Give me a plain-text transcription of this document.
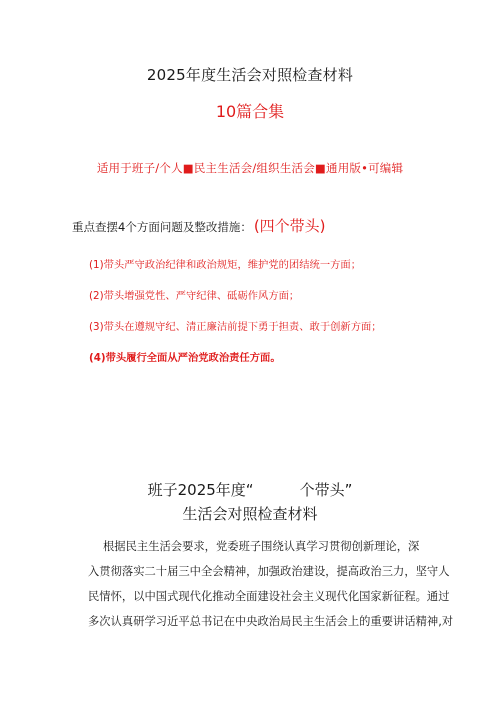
2025年度生活会对照检查材料
10篇合集
适用于班子/个人■民主生活会/组织生活会■通用版•可编辑
重点查摆4个方面问题及整改措施： (四个带头)
(1)带头严守政治纪律和政治规矩，维护党的团结统一方面；
(2)带头增强党性、严守纪律、砥砺作风方面；
(3)带头在遵规守纪、清正廉洁前提下勇于担责、敢于创新方面；
(4)带头履行全面从严治党政治责任方面。
班子2025年度“	个带头”
生活会对照检查材料
根据民主生活会要求，党委班子围绕认真学习贯彻创新理论，深
入贯彻落实二十届三中全会精神，加强政治建设，提高政治三力，坚守人
民情怀，以中国式现代化推动全面建设社会主义现代化国家新征程。通过
多次认真研学习近平总书记在中央政治局民主生活会上的重要讲话精神,对
